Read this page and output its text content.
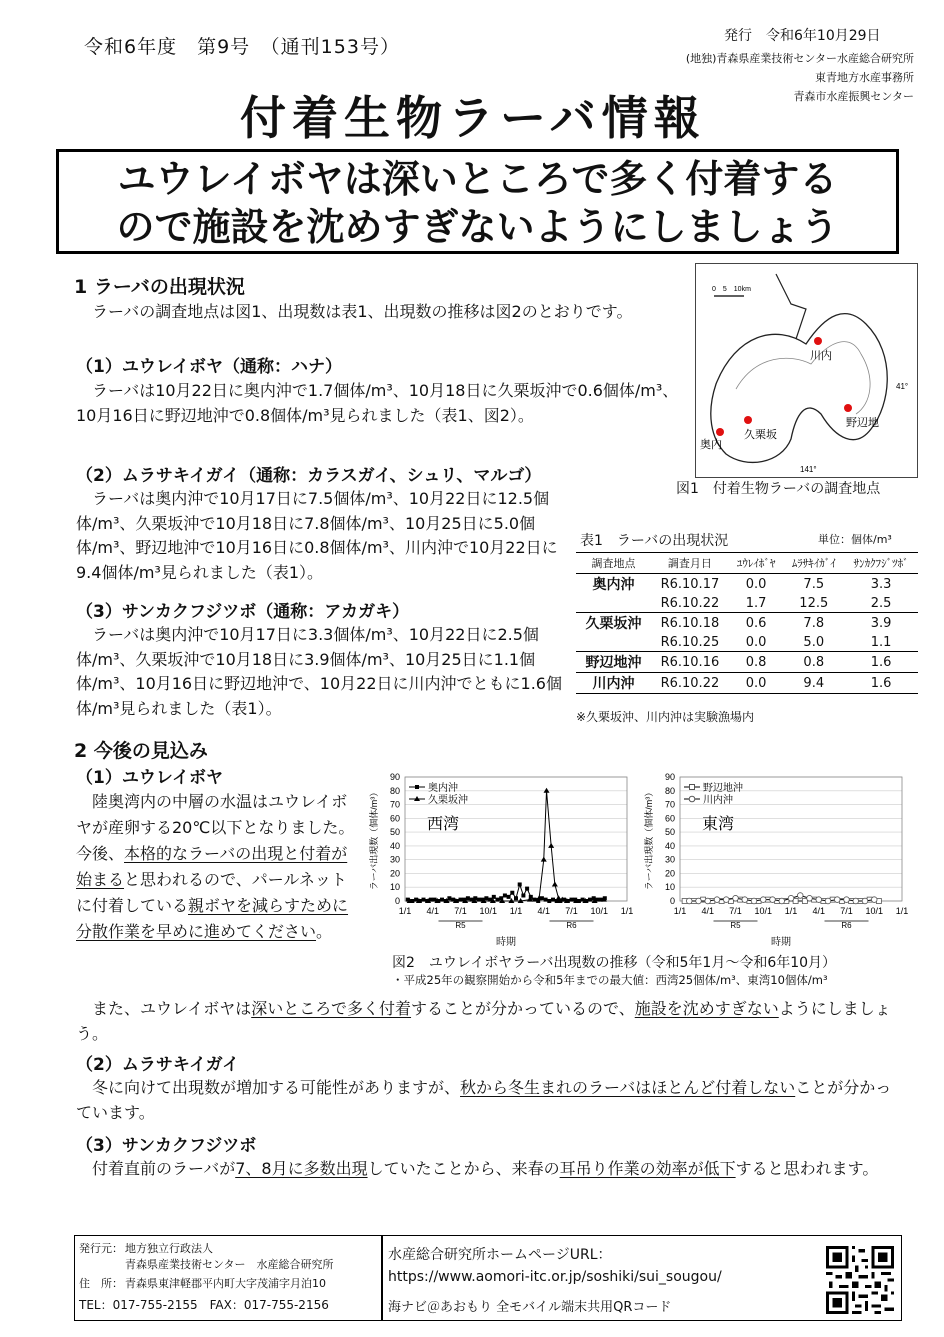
令和6年度　第9号　（通刊153号）	発行　令和6年10月29日
(地独)青森県産業技術センター水産総合研究所
東青地方水産事務所
青森市水産振興センター
付着生物ラーバ情報
ユウレイボヤは深いところで多く付着する
ので施設を沈めすぎないようにしましょう
1 ラーバの出現状況
ラーバの調査地点は図1、出現数は表1、出現数の推移は図2のとおりです。
（1）ユウレイボヤ（通称：ハナ）
ラーバは10月22日に奥内沖で1.7個体/m³、10月18日に久栗坂沖で0.6個体/m³、10月16日に野辺地沖で0.8個体/m³見られました（表1、図2）。
（2）ムラサキイガイ（通称：カラスガイ、シュリ、マルゴ）
ラーバは奥内沖で10月17日に7.5個体/m³、10月22日に12.5個体/m³、久栗坂沖で10月18日に7.8個体/m³、10月25日に5.0個体/m³、野辺地沖で10月16日に0.8個体/m³、川内沖で10月22日に9.4個体/m³見られました（表1）。
（3）サンカクフジツボ（通称：アカガキ）
ラーバは奥内沖で10月17日に3.3個体/m³、10月22日に2.5個体/m³、久栗坂沖で10月18日に3.9個体/m³、10月25日に1.1個体/m³、10月16日に野辺地沖で、10月22日に川内沖でともに1.6個体/m³見られました（表1）。
0　5　10km
41°
141°
川内
野辺地
久栗坂
奥内
図1　付着生物ラーバの調査地点
表1　ラーバの出現状況	単位：個体/m³
調査地点	調査月日	ﾕｳﾚｲﾎﾞﾔ	ﾑﾗｻｷｲｶﾞｲ	ｻﾝｶｸﾌｼﾞﾂﾎﾞ
奥内沖	R6.10.17	0.0	7.5	3.3
	R6.10.22	1.7	12.5	2.5
久栗坂沖	R6.10.18	0.6	7.8	3.9
	R6.10.25	0.0	5.0	1.1
野辺地沖	R6.10.16	0.8	0.8	1.6
川内沖	R6.10.22	0.0	9.4	1.6
※久栗坂沖、川内沖は実験漁場内
2 今後の見込み
（1）ユウレイボヤ
陸奥湾内の中層の水温はユウレイボヤが産卵する20℃以下となりました。今後、本格的なラーバの出現と付着が始まると思われるので、パールネットに付着している親ボヤを減らすために分散作業を早めに進めてください。
0
10
20
30
40
50
60
70
80
90
1/1 4/1 7/1 10/1 1/1 4/1 7/1 10/1 1/1
R5	R6
時期
ラーバ出現数（個体/m³）	西湾
奥内沖
久栗坂沖
0
10
20
30
40
50
60
70
80
90
1/1 4/1 7/1 10/1 1/1 4/1 7/1 10/1 1/1
R5	R6
時期
ラーバ出現数（個体/m³）	東湾
野辺地沖
川内沖
図2　ユウレイボヤラーバ出現数の推移（令和5年1月～令和6年10月）
・平成25年の観察開始から令和5年までの最大値：西湾25個体/m³、東湾10個体/m³
また、ユウレイボヤは深いところで多く付着することが分かっているので、施設を沈めすぎないようにしましょう。
（2）ムラサキイガイ
冬に向けて出現数が増加する可能性がありますが、秋から冬生まれのラーバはほとんど付着しないことが分かっています。
（3）サンカクフジツボ
付着直前のラーバが7、8月に多数出現していたことから、来春の耳吊り作業の効率が低下すると思われます。
発行元： 地方独立行政法人
青森県産業技術センター　水産総合研究所
住　所： 青森県東津軽郡平内町大字茂浦字月泊10
TEL：017-755-2155　FAX：017-755-2156
水産総合研究所ホームページURL：
https://www.aomori-itc.or.jp/soshiki/sui_sougou/
海ナビ＠あおもり 全モバイル端末共用QRコード
